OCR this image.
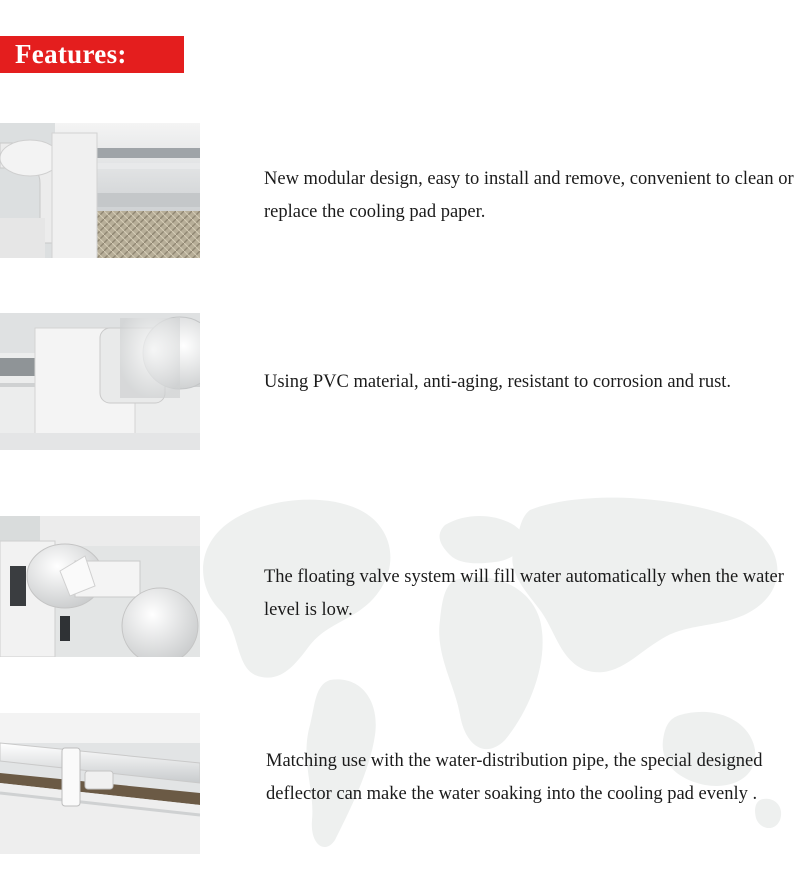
Features:
New modular design, easy to install and remove, convenient to clean or replace the cooling pad paper.
Using PVC material, anti-aging, resistant to corrosion and rust.
The floating valve system will fill water automatically when the water level is low.
Matching use with the water-distribution pipe, the special designed deflector can make the water soaking into the cooling pad evenly .
